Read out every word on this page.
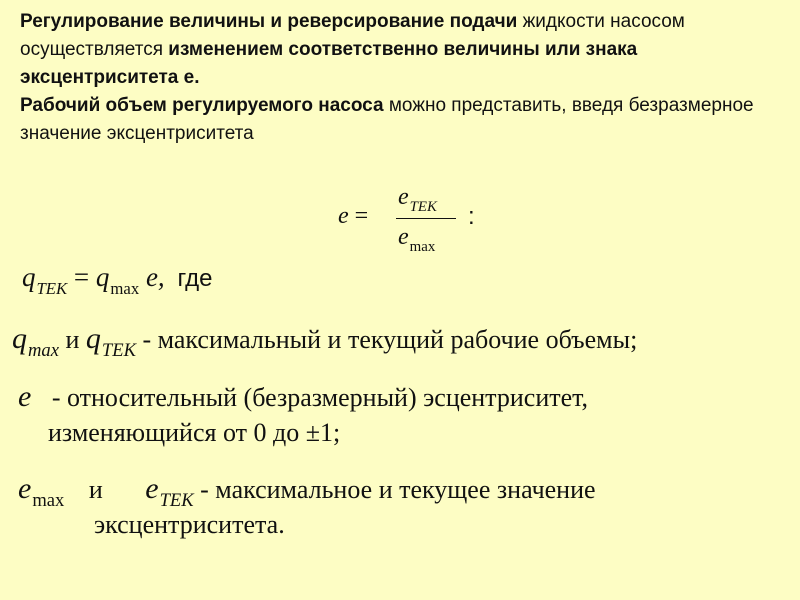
Регулирование величины и реверсирование подачи жидкости насосом осуществляется изменением соответственно величины или знака эксцентриситета е.
Рабочий объем регулируемого насоса можно представить, введя безразмерное значение эксцентриситета
e =
$e_{ТЕК}$
$e_{max}$
:
$q_{ТЕК} = q_{max}$ e, где
$q_{max}$ и $q_{ТЕК}$ - максимальный и текущий рабочие объемы;
e - относительный (безразмерный) эсцентриситет,
изменяющийся от 0 до ±1;
$e_{max}$ и $e_{ТЕК}$ - максимальное и текущее значение
эксцентриситета.
